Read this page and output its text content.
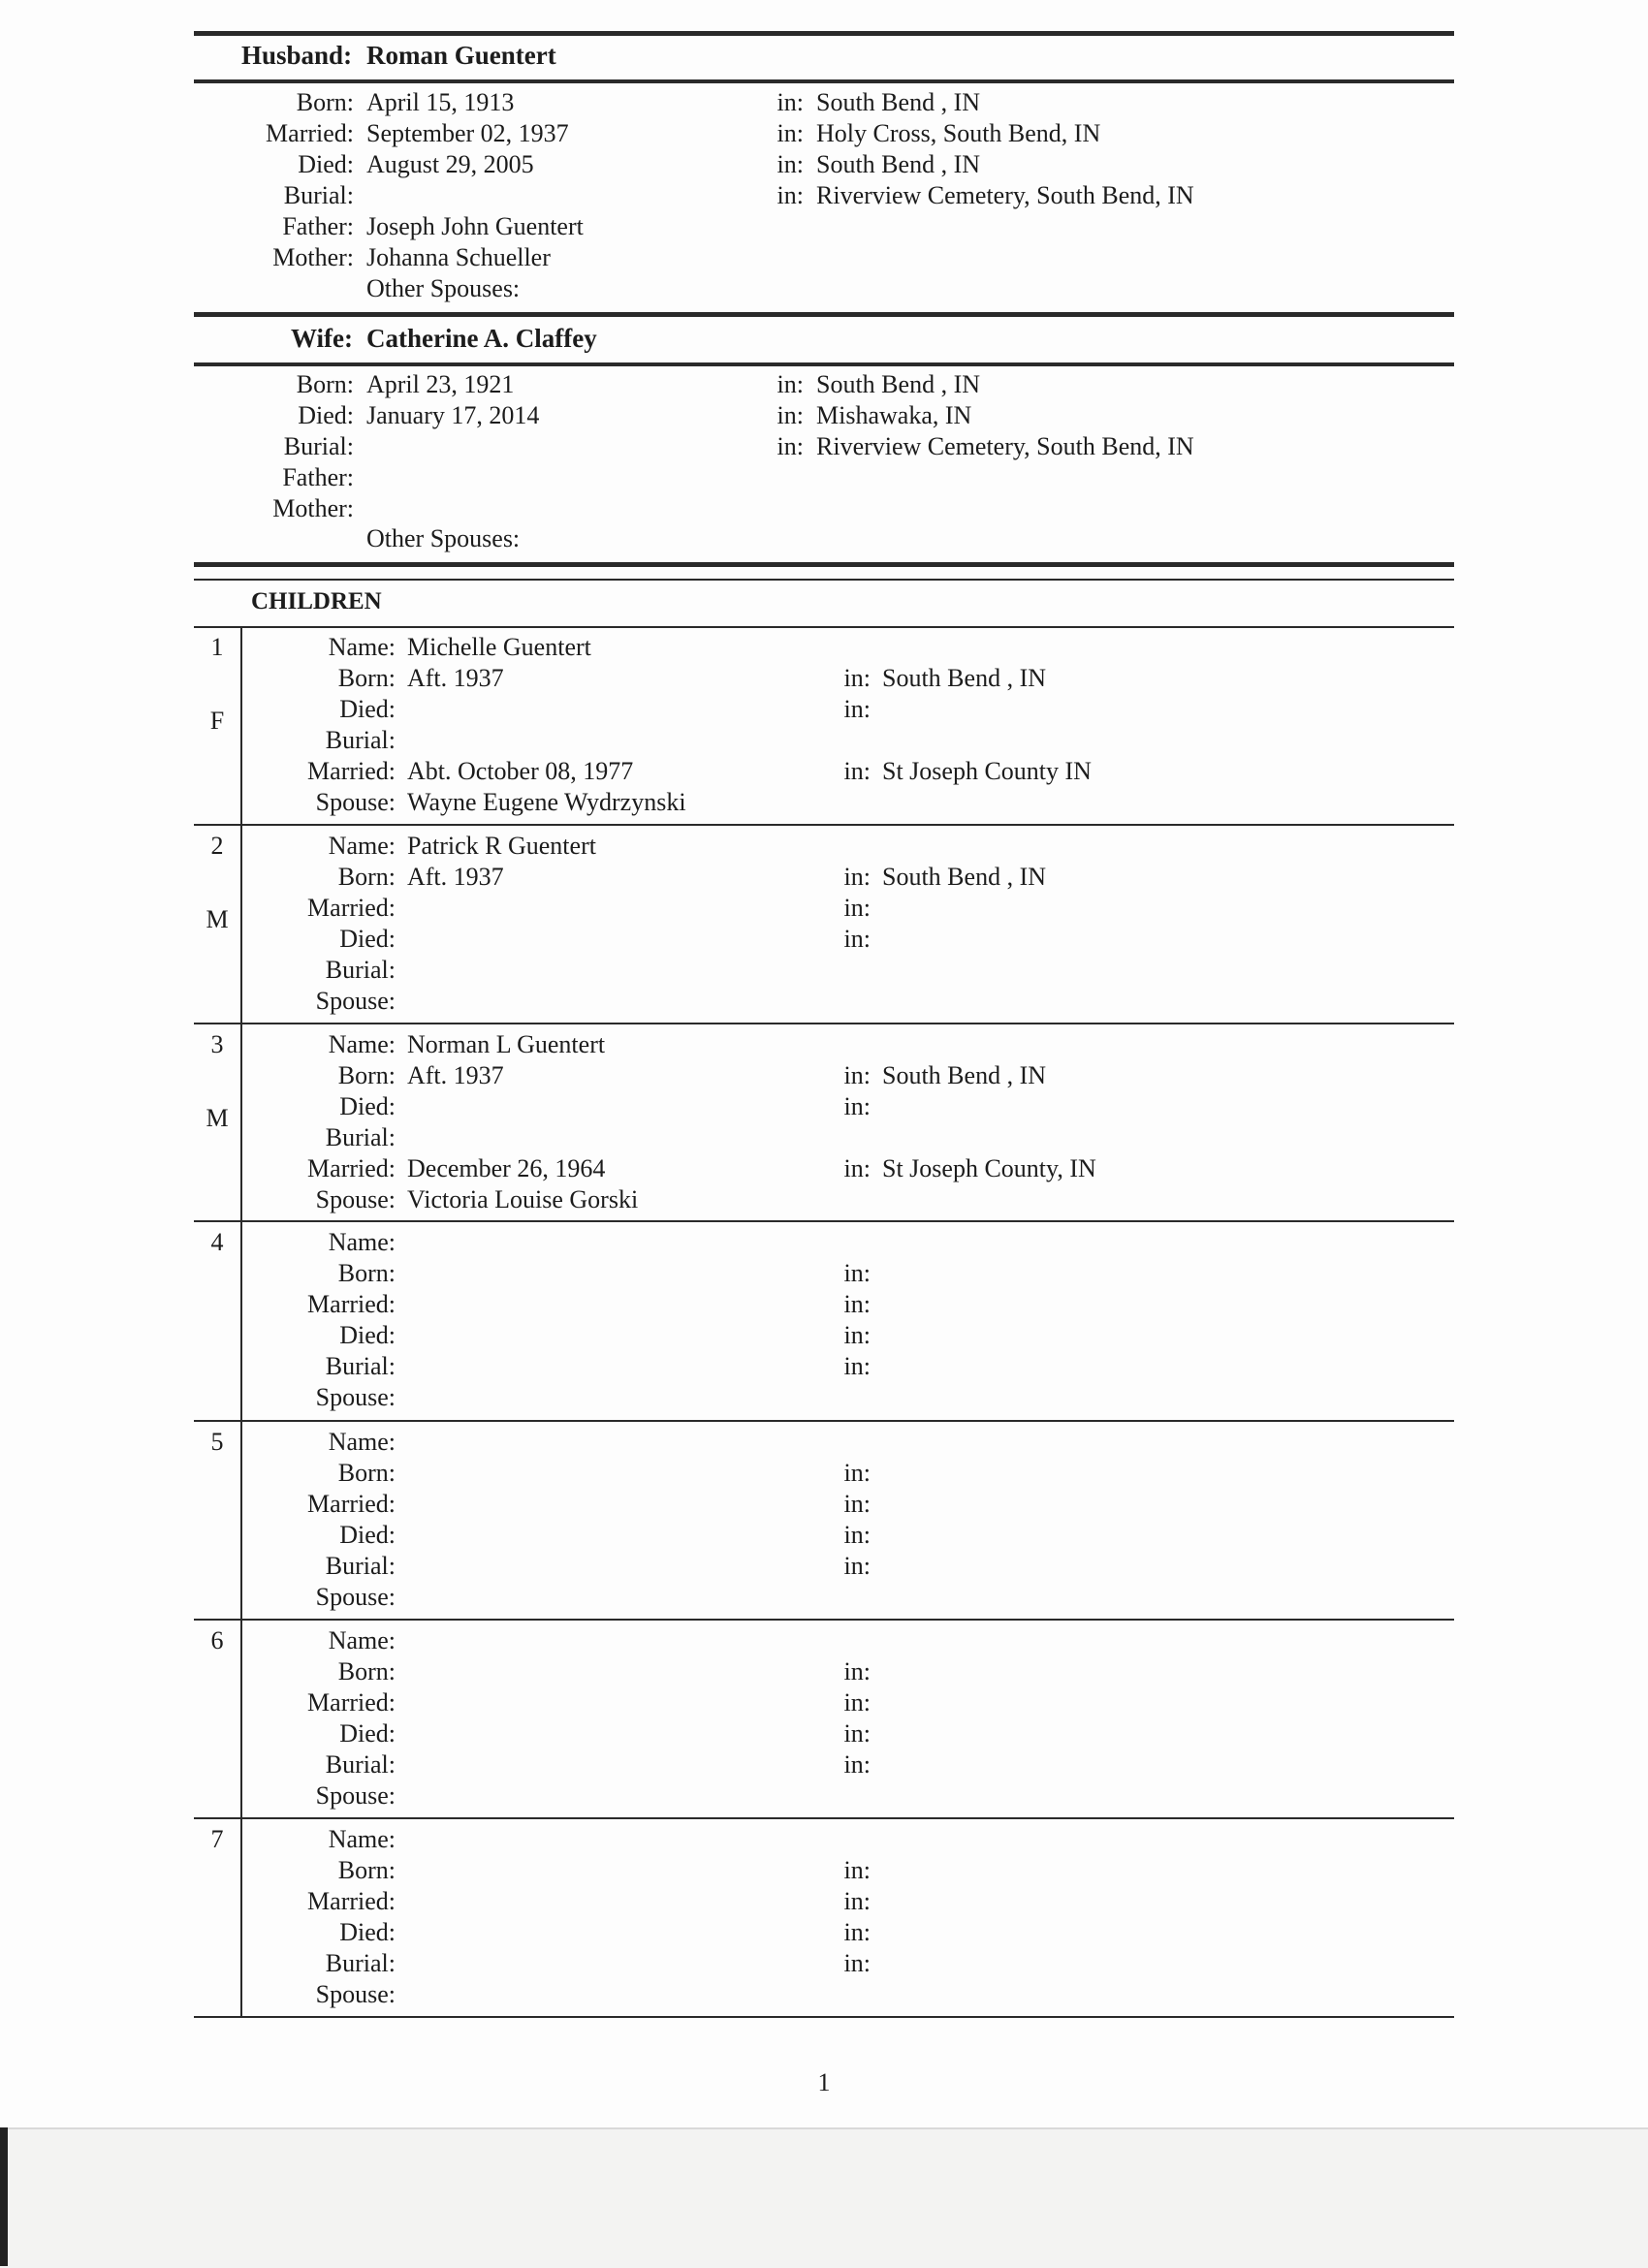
Husband: Roman Guentert
Born: April 15, 1913	in: South Bend , IN
Married: September 02, 1937	in: Holy Cross, South Bend, IN
Died: August 29, 2005	in: South Bend , IN
Burial:	in: Riverview Cemetery, South Bend, IN
Father: Joseph John Guentert
Mother: Johanna Schueller
Other Spouses:
Wife: Catherine A. Claffey
Born: April 23, 1921	in: South Bend , IN
Died: January 17, 2014	in: Mishawaka, IN
Burial:	in: Riverview Cemetery, South Bend, IN
Father:
Mother:
Other Spouses:
CHILDREN
1
F
Name: Michelle Guentert
Born: Aft. 1937	in: South Bend , IN
Died:	in:
Burial:
Married: Abt. October 08, 1977	in: St Joseph County IN
Spouse: Wayne Eugene Wydrzynski
2
M
Name: Patrick R Guentert
Born: Aft. 1937	in: South Bend , IN
Married:	in:
Died:	in:
Burial:
Spouse:
3
M
Name: Norman L Guentert
Born: Aft. 1937	in: South Bend , IN
Died:	in:
Burial:
Married: December 26, 1964	in: St Joseph County, IN
Spouse: Victoria Louise Gorski
4	Name:
Born:	in:
Married:	in:
Died:	in:
Burial:	in:
Spouse:
5	Name:
Born:	in:
Married:	in:
Died:	in:
Burial:	in:
Spouse:
6	Name:
Born:	in:
Married:	in:
Died:	in:
Burial:	in:
Spouse:
7	Name:
Born:	in:
Married:	in:
Died:	in:
Burial:	in:
Spouse:
1
